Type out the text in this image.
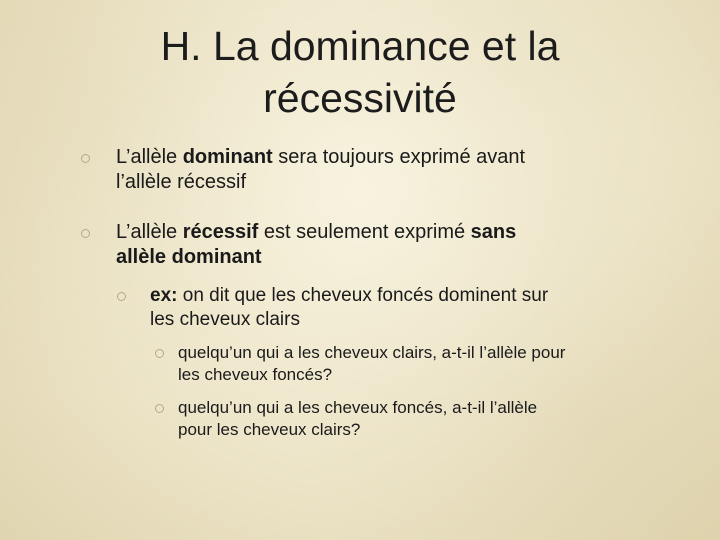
H. La dominance et la
récessivité
L’allèle dominant sera toujours exprimé avant
l’allèle récessif
L’allèle récessif est seulement exprimé sans
allèle dominant
ex: on dit que les cheveux foncés dominent sur
les cheveux clairs
quelqu’un qui a les cheveux clairs, a-t-il l’allèle pour
les cheveux foncés?
quelqu’un qui a les cheveux foncés, a-t-il l’allèle
pour les cheveux clairs?
